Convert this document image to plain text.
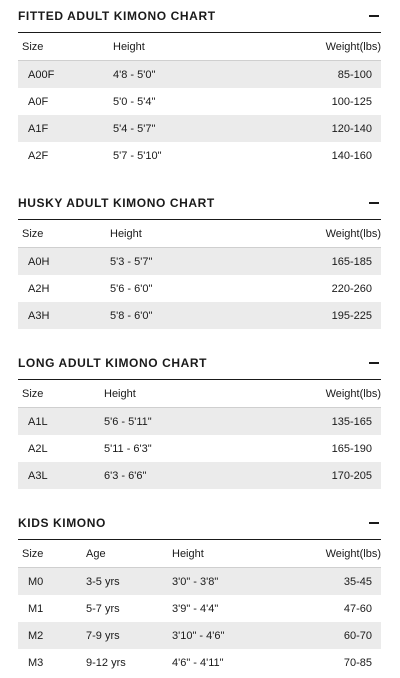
FITTED ADULT KIMONO CHART
Size	Height	Weight(lbs)
A00F	4'8 - 5'0"	85-100
A0F	5'0 - 5'4"	100-125
A1F	5'4 - 5'7"	120-140
A2F	5'7 - 5'10"	140-160
HUSKY ADULT KIMONO CHART
Size	Height	Weight(lbs)
A0H	5'3 - 5'7"	165-185
A2H	5'6 - 6'0"	220-260
A3H	5'8 - 6'0"	195-225
LONG ADULT KIMONO CHART
Size	Height	Weight(lbs)
A1L	5'6 - 5'11"	135-165
A2L	5'11 - 6'3"	165-190
A3L	6'3 - 6'6"	170-205
KIDS KIMONO
Size	Age	Height	Weight(lbs)
M0	3-5 yrs	3'0" - 3'8"	35-45
M1	5-7 yrs	3'9" - 4'4"	47-60
M2	7-9 yrs	3'10" - 4'6"	60-70
M3	9-12 yrs	4'6" - 4'11"	70-85
